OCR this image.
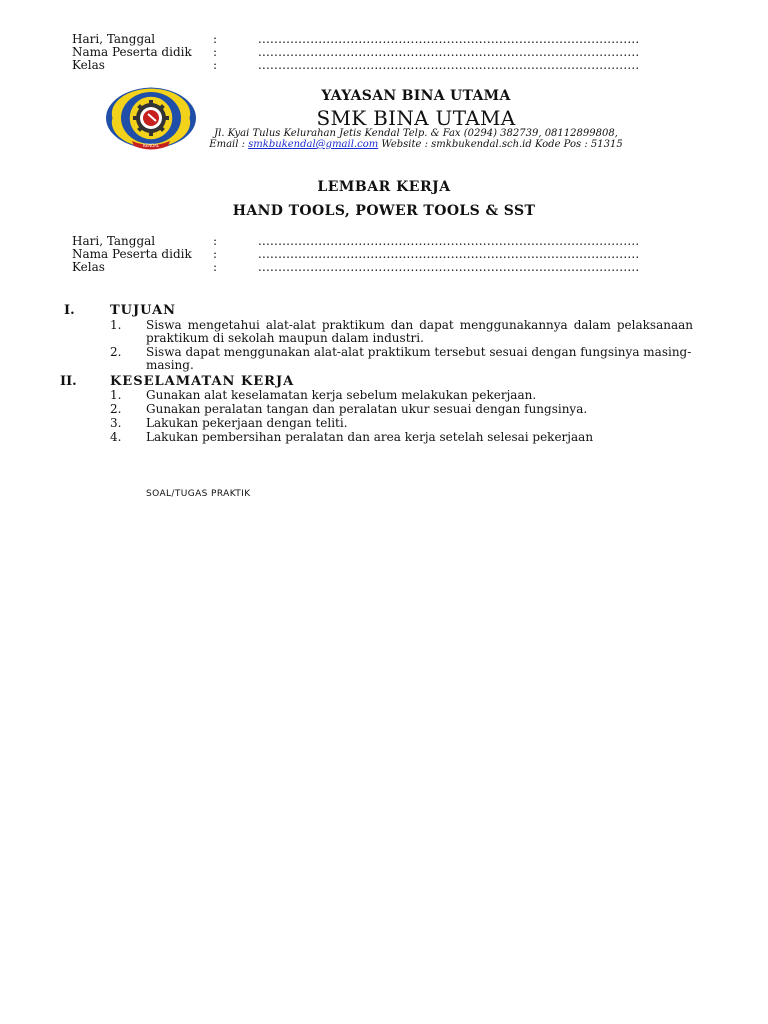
Hari, Tanggal	:	...............................................................................................
Nama Peserta didik :	...............................................................................................
Kelas	:	...............................................................................................
KENDAL
YAYASAN BINA UTAMA
SMK BINA UTAMA
Jl. Kyai Tulus Kelurahan Jetis Kendal Telp. & Fax (0294) 382739, 08112899808,
Email : smkbukendal@gmail.com Website : smkbukendal.sch.id Kode Pos : 51315
LEMBAR KERJA
HAND TOOLS, POWER TOOLS & SST
Hari, Tanggal	:	...............................................................................................
Nama Peserta didik :	...............................................................................................
Kelas	:	...............................................................................................
I.	TUJUAN
1. Siswa mengetahui alat-alat praktikum dan dapat menggunakannya dalam pelaksanaan
praktikum di sekolah maupun dalam industri.
2. Siswa dapat menggunakan alat-alat praktikum tersebut sesuai dengan fungsinya masing-masing.
II.	KESELAMATAN KERJA
1. Gunakan alat keselamatan kerja sebelum melakukan pekerjaan.
2. Gunakan peralatan tangan dan peralatan ukur sesuai dengan fungsinya.
3. Lakukan pekerjaan dengan teliti.
4. Lakukan pembersihan peralatan dan area kerja setelah selesai pekerjaan
SOAL/TUGAS PRAKTIK
